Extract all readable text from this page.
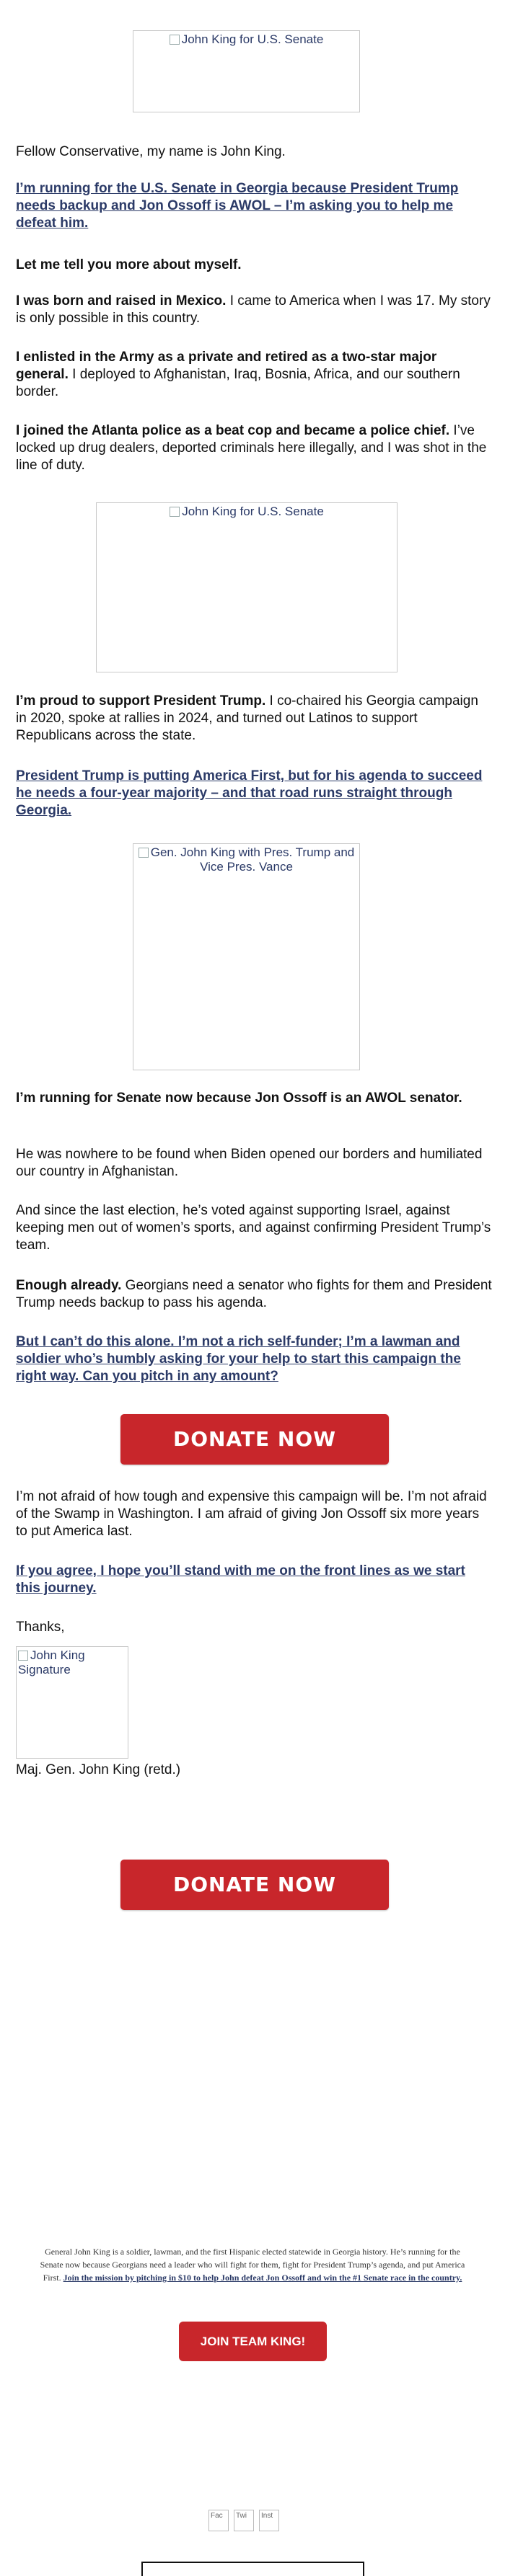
John King for U.S. Senate

Fellow Conservative, my name is John King.

I’m running for the U.S. Senate in Georgia because President Trump needs backup and Jon Ossoff is AWOL – I’m asking you to help me defeat him.

Let me tell you more about myself.

I was born and raised in Mexico. I came to America when I was 17. My story is only possible in this country.

I enlisted in the Army as a private and retired as a two-star major general. I deployed to Afghanistan, Iraq, Bosnia, Africa, and our southern border.

I joined the Atlanta police as a beat cop and became a police chief. I’ve locked up drug dealers, deported criminals here illegally, and I was shot in the line of duty.

John King for U.S. Senate

I’m proud to support President Trump. I co-chaired his Georgia campaign in 2020, spoke at rallies in 2024, and turned out Latinos to support Republicans across the state.

President Trump is putting America First, but for his agenda to succeed he needs a four-year majority – and that road runs straight through Georgia.

Gen. John King with Pres. Trump and Vice Pres. Vance

I’m running for Senate now because Jon Ossoff is an AWOL senator.

He was nowhere to be found when Biden opened our borders and humiliated our country in Afghanistan.

And since the last election, he’s voted against supporting Israel, against keeping men out of women’s sports, and against confirming President Trump’s team.

Enough already. Georgians need a senator who fights for them and President Trump needs backup to pass his agenda.

But I can’t do this alone. I’m not a rich self-funder; I’m a lawman and soldier who’s humbly asking for your help to start this campaign the right way. Can you pitch in any amount?

DONATE NOW

I’m not afraid of how tough and expensive this campaign will be. I’m not afraid of the Swamp in Washington. I am afraid of giving Jon Ossoff six more years to put America last.

If you agree, I hope you’ll stand with me on the front lines as we start this journey.

Thanks,

John King Signature

Maj. Gen. John King (retd.)

DONATE NOW
General John King is a soldier, lawman, and the first Hispanic elected statewide in Georgia history. He’s running for the Senate now because Georgians need a leader who will fight for them, fight for President Trump’s agenda, and put America First. Join the mission by pitching in $10 to help John defeat Jon Ossoff and win the #1 Senate race in the country.
JOIN TEAM KING!
Fac	Twi	Inst
